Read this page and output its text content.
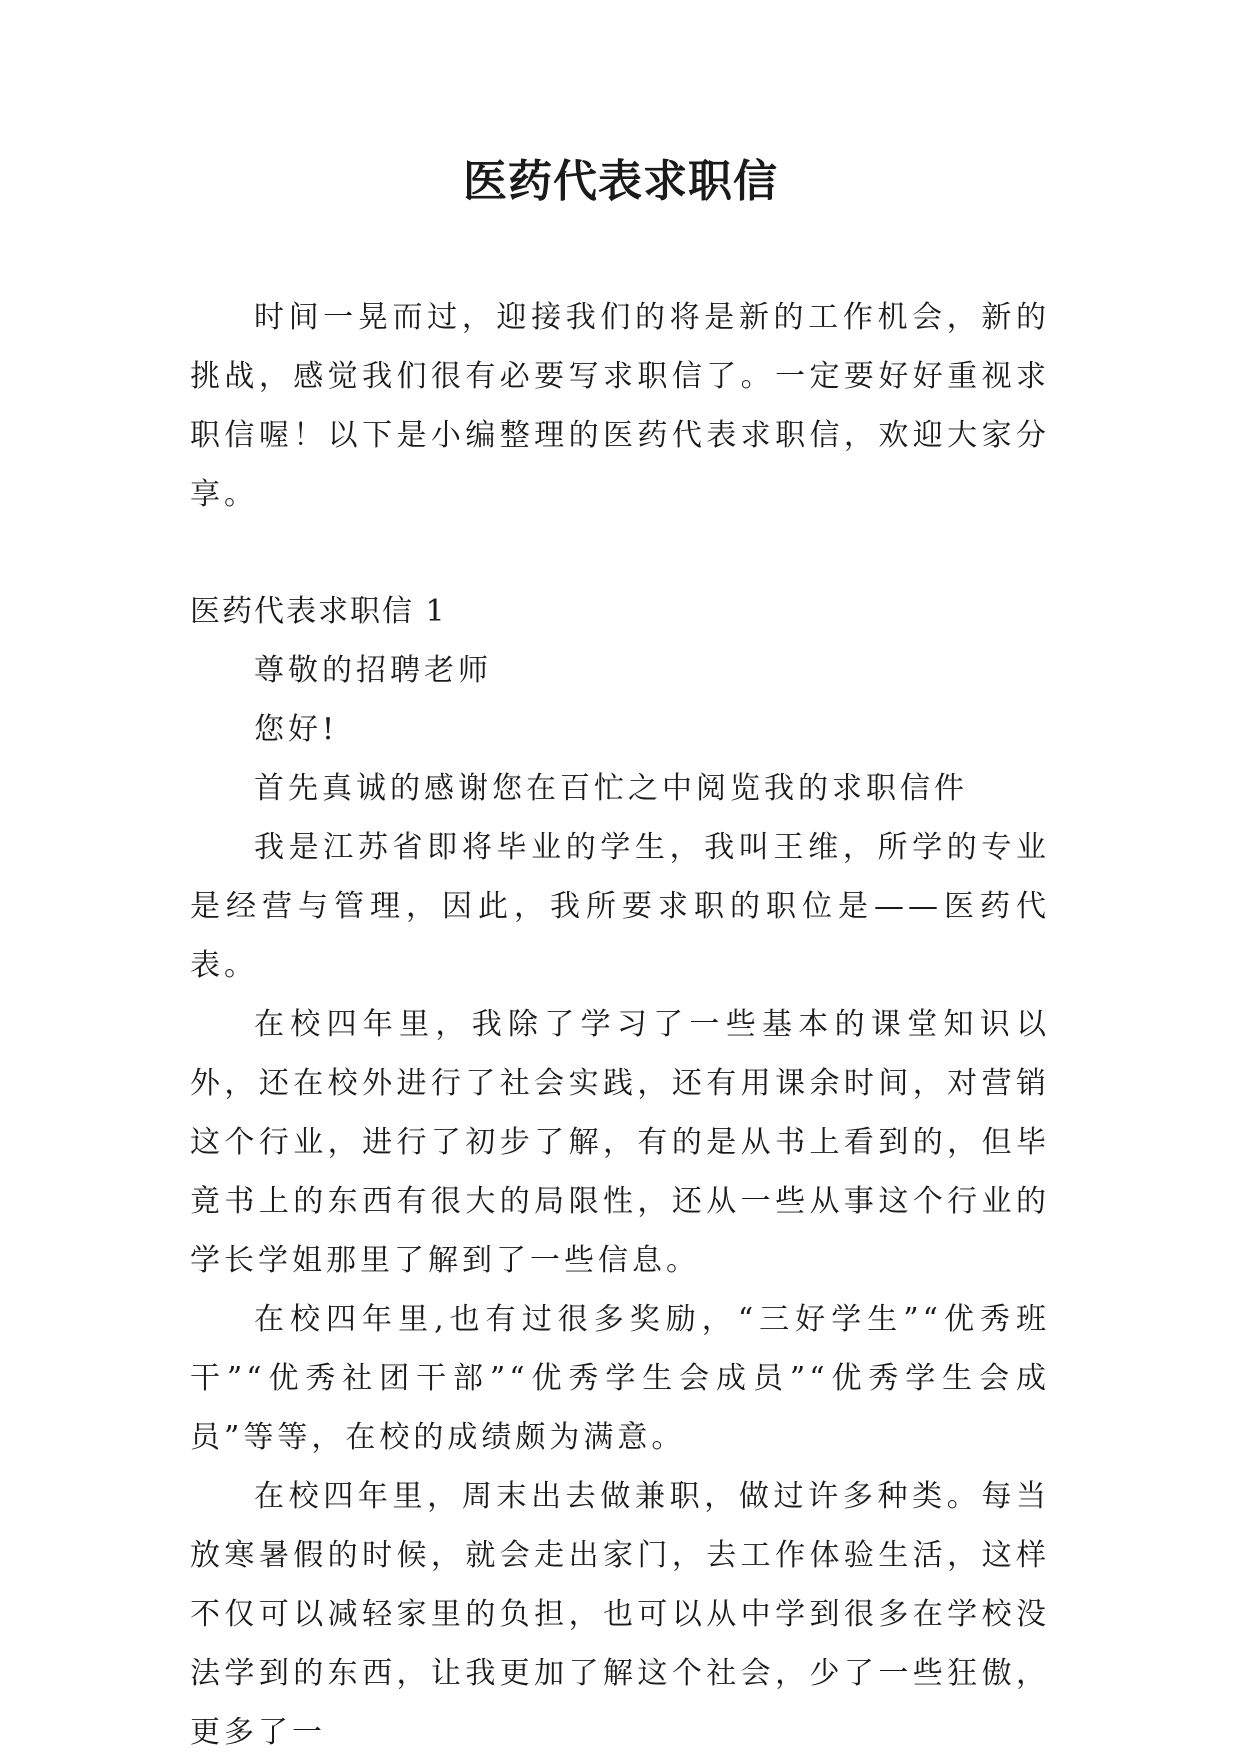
医药代表求职信

时间一晃而过，迎接我们的将是新的工作机会，新的挑战，感觉我们很有必要写求职信了。一定要好好重视求职信喔！以下是小编整理的医药代表求职信，欢迎大家分享。

医药代表求职信 1

尊敬的招聘老师

您好!

首先真诚的感谢您在百忙之中阅览我的求职信件

我是江苏省即将毕业的学生，我叫王维，所学的专业是经营与管理，因此，我所要求职的职位是——医药代表。

在校四年里，我除了学习了一些基本的课堂知识以外，还在校外进行了社会实践，还有用课余时间，对营销这个行业，进行了初步了解，有的是从书上看到的，但毕竟书上的东西有很大的局限性，还从一些从事这个行业的学长学姐那里了解到了一些信息。

在校四年里,也有过很多奖励，“三好学生”“优秀班干”“优秀社团干部”“优秀学生会成员”“优秀学生会成员”等等，在校的成绩颇为满意。

在校四年里，周末出去做兼职，做过许多种类。每当放寒暑假的时候，就会走出家门，去工作体验生活，这样不仅可以减轻家里的负担，也可以从中学到很多在学校没法学到的东西，让我更加了解这个社会，少了一些狂傲，更多了一
